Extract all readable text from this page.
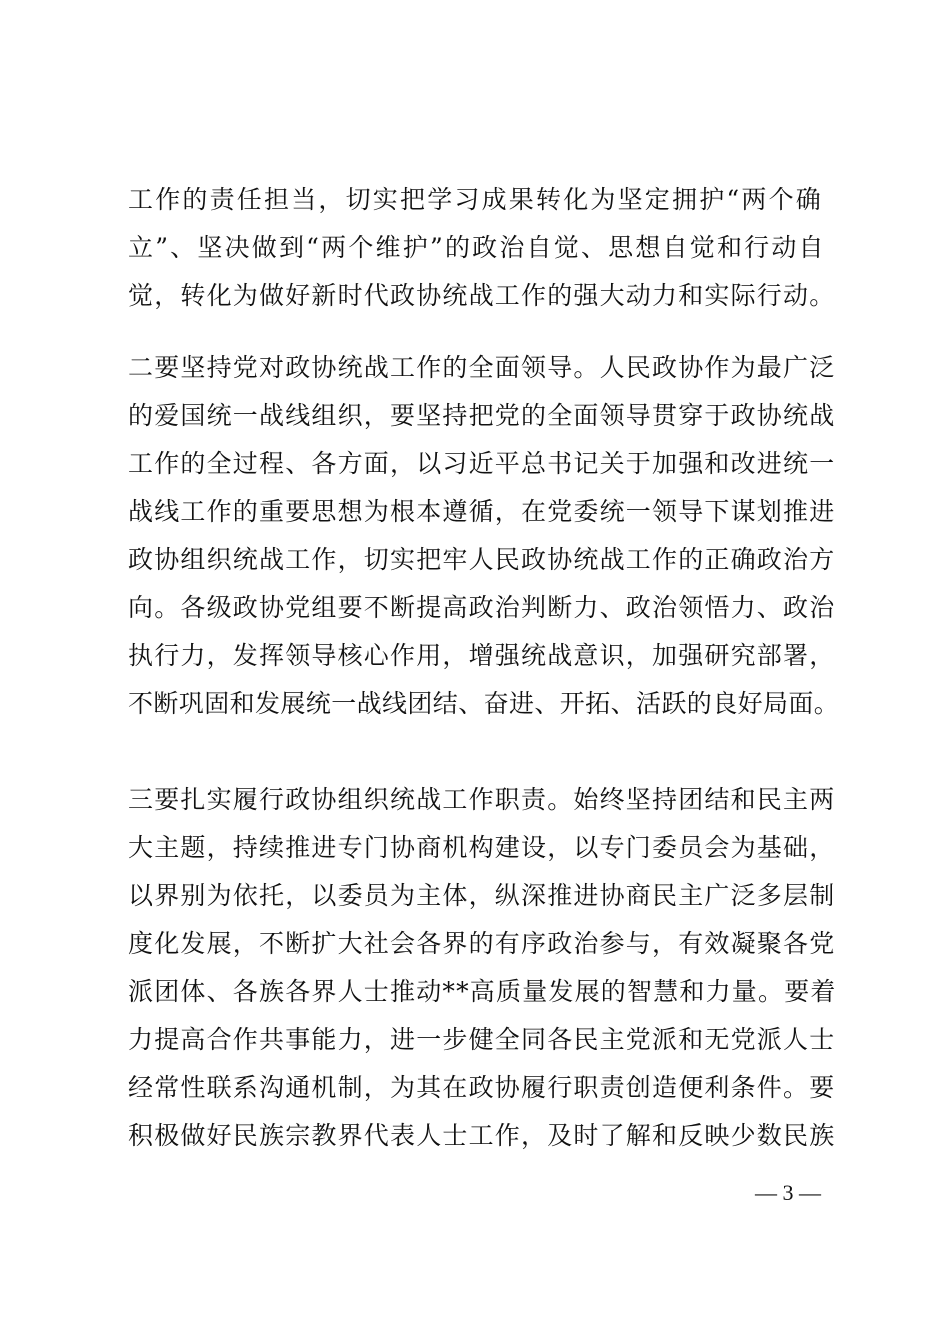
工作的责任担当，切实把学习成果转化为坚定拥护“两个确
立”、坚决做到“两个维护”的政治自觉、思想自觉和行动自
觉，转化为做好新时代政协统战工作的强大动力和实际行动。
二要坚持党对政协统战工作的全面领导。人民政协作为最广泛
的爱国统一战线组织，要坚持把党的全面领导贯穿于政协统战
工作的全过程、各方面，以习近平总书记关于加强和改进统一
战线工作的重要思想为根本遵循，在党委统一领导下谋划推进
政协组织统战工作，切实把牢人民政协统战工作的正确政治方
向。各级政协党组要不断提高政治判断力、政治领悟力、政治
执行力，发挥领导核心作用，增强统战意识，加强研究部署，
不断巩固和发展统一战线团结、奋进、开拓、活跃的良好局面。
三要扎实履行政协组织统战工作职责。始终坚持团结和民主两
大主题，持续推进专门协商机构建设，以专门委员会为基础，
以界别为依托，以委员为主体，纵深推进协商民主广泛多层制
度化发展，不断扩大社会各界的有序政治参与，有效凝聚各党
派团体、各族各界人士推动**高质量发展的智慧和力量。要着
力提高合作共事能力，进一步健全同各民主党派和无党派人士
经常性联系沟通机制，为其在政协履行职责创造便利条件。要
积极做好民族宗教界代表人士工作，及时了解和反映少数民族
— 3 —
